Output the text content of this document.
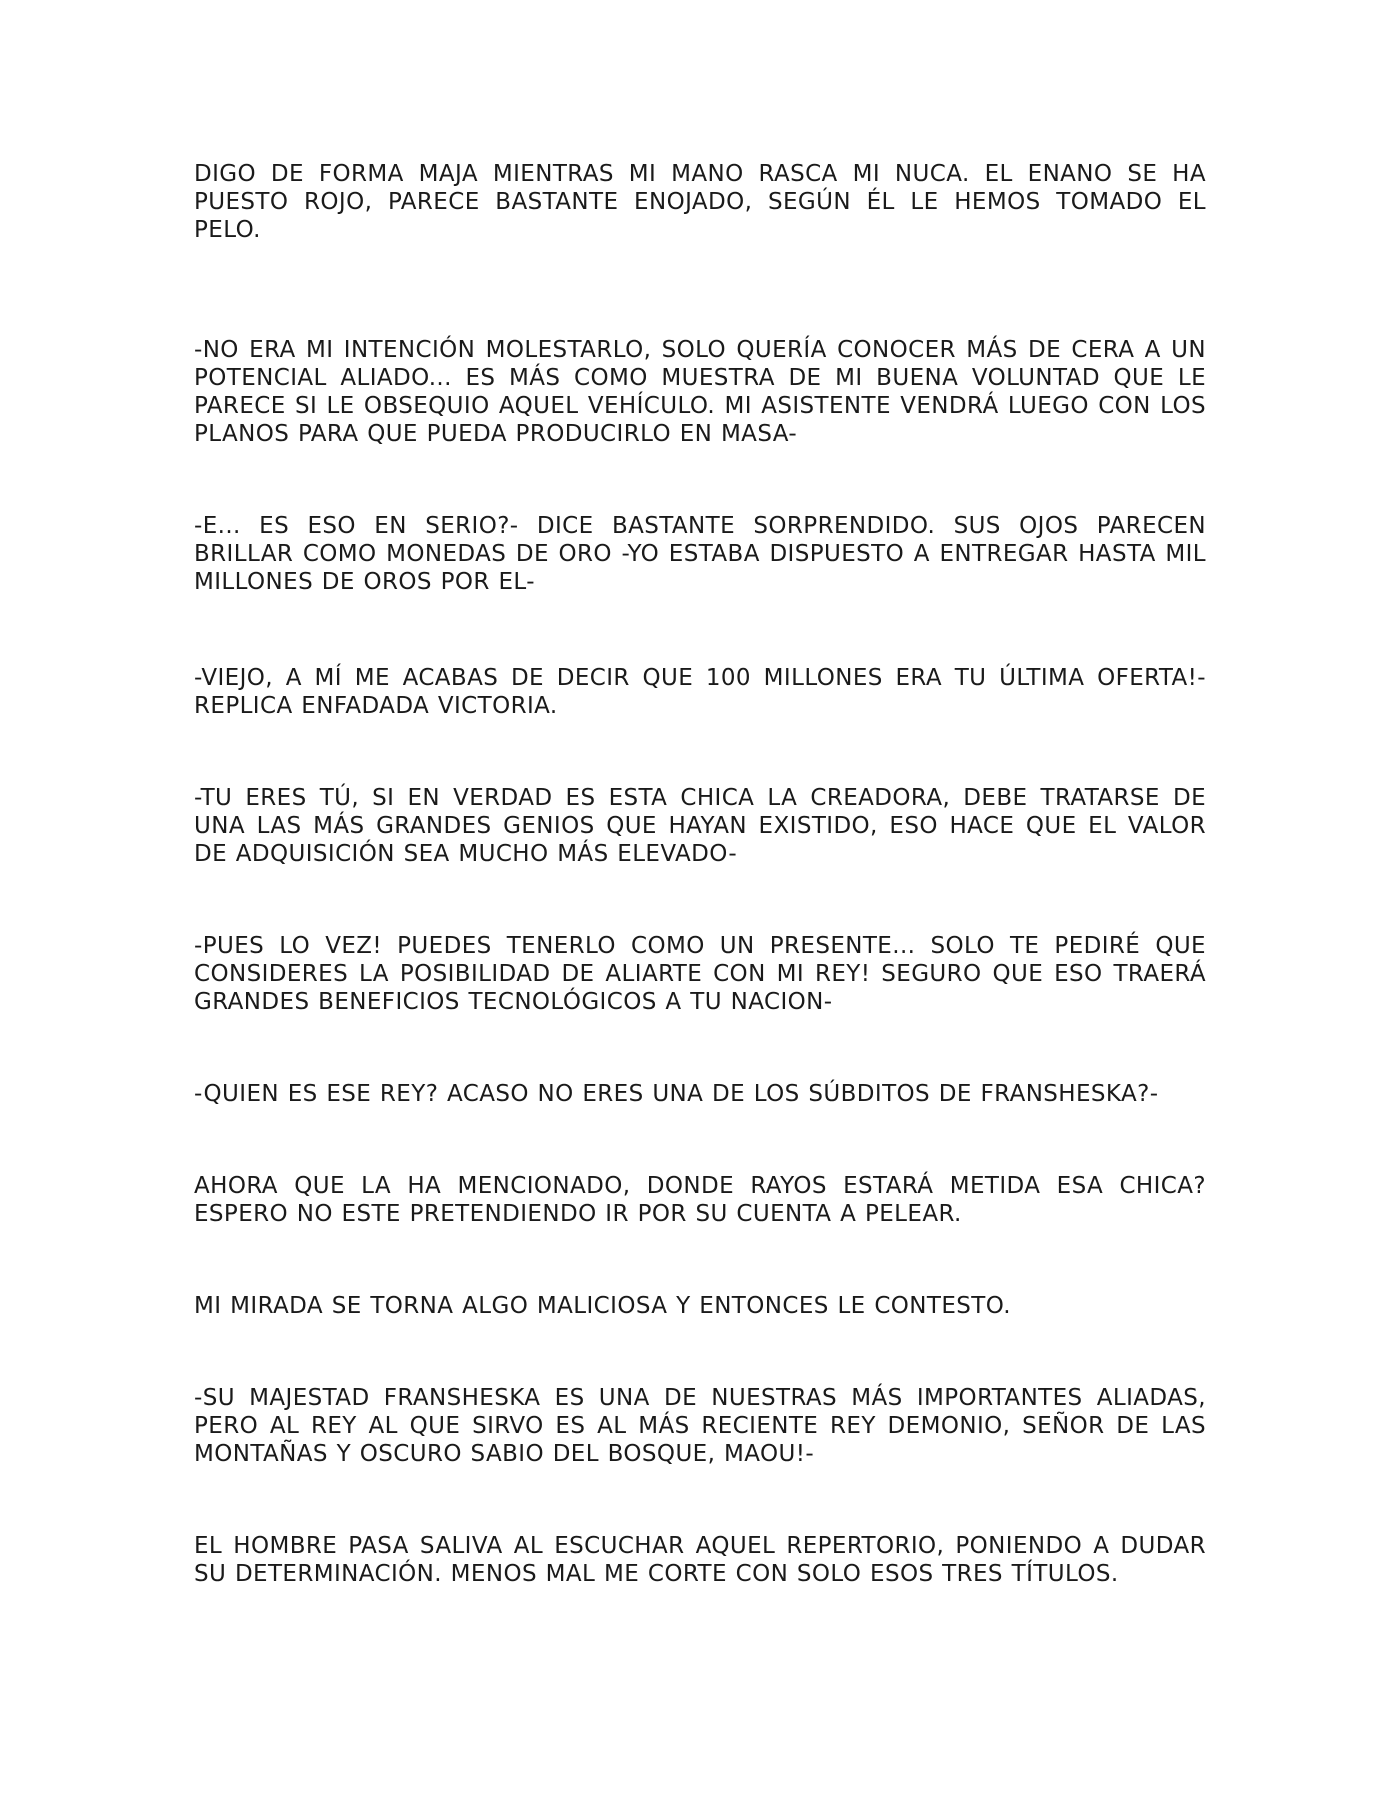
DIGO DE FORMA MAJA MIENTRAS MI MANO RASCA MI NUCA. EL ENANO SE HA PUESTO ROJO, PARECE BASTANTE ENOJADO, SEGÚN ÉL LE HEMOS TOMADO EL PELO.

-NO ERA MI INTENCIÓN MOLESTARLO, SOLO QUERÍA CONOCER MÁS DE CERA A UN POTENCIAL ALIADO... ES MÁS COMO MUESTRA DE MI BUENA VOLUNTAD QUE LE PARECE SI LE OBSEQUIO AQUEL VEHÍCULO. MI ASISTENTE VENDRÁ LUEGO CON LOS PLANOS PARA QUE PUEDA PRODUCIRLO EN MASA-

-E... ES ESO EN SERIO?- DICE BASTANTE SORPRENDIDO. SUS OJOS PARECEN BRILLAR COMO MONEDAS DE ORO -YO ESTABA DISPUESTO A ENTREGAR HASTA MIL MILLONES DE OROS POR EL-

-VIEJO, A MÍ ME ACABAS DE DECIR QUE 100 MILLONES ERA TU ÚLTIMA OFERTA!- REPLICA ENFADADA VICTORIA.

-TU ERES TÚ, SI EN VERDAD ES ESTA CHICA LA CREADORA, DEBE TRATARSE DE UNA LAS MÁS GRANDES GENIOS QUE HAYAN EXISTIDO, ESO HACE QUE EL VALOR DE ADQUISICIÓN SEA MUCHO MÁS ELEVADO-

-PUES LO VEZ! PUEDES TENERLO COMO UN PRESENTE... SOLO TE PEDIRÉ QUE CONSIDERES LA POSIBILIDAD DE ALIARTE CON MI REY! SEGURO QUE ESO TRAERÁ GRANDES BENEFICIOS TECNOLÓGICOS A TU NACION-

-QUIEN ES ESE REY? ACASO NO ERES UNA DE LOS SÚBDITOS DE FRANSHESKA?-

AHORA QUE LA HA MENCIONADO, DONDE RAYOS ESTARÁ METIDA ESA CHICA? ESPERO NO ESTE PRETENDIENDO IR POR SU CUENTA A PELEAR.

MI MIRADA SE TORNA ALGO MALICIOSA Y ENTONCES LE CONTESTO.

-SU MAJESTAD FRANSHESKA ES UNA DE NUESTRAS MÁS IMPORTANTES ALIADAS, PERO AL REY AL QUE SIRVO ES AL MÁS RECIENTE REY DEMONIO, SEÑOR DE LAS MONTAÑAS Y OSCURO SABIO DEL BOSQUE, MAOU!-

EL HOMBRE PASA SALIVA AL ESCUCHAR AQUEL REPERTORIO, PONIENDO A DUDAR SU DETERMINACIÓN. MENOS MAL ME CORTE CON SOLO ESOS TRES TÍTULOS.
